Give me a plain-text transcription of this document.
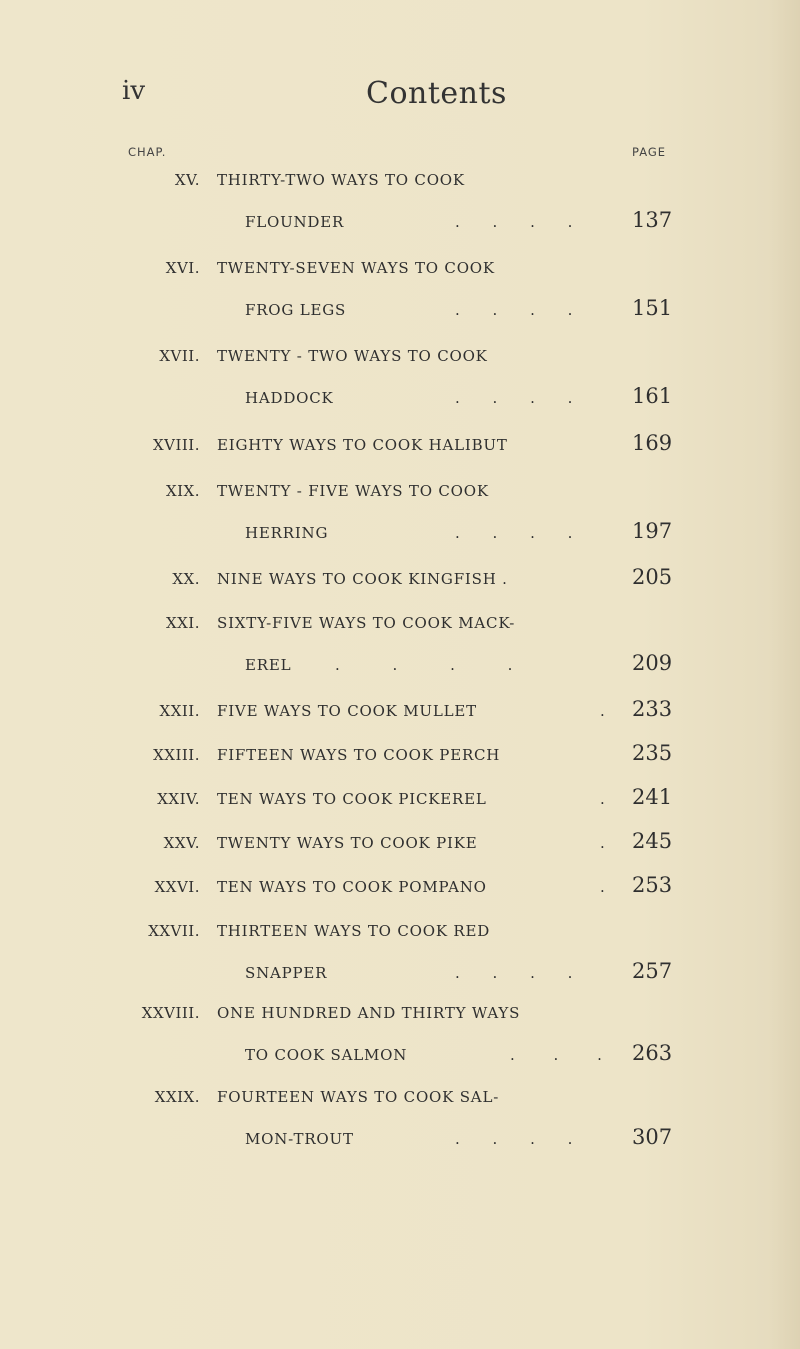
iv	Contents
CHAP.	PAGE
XV. THIRTY-TWO WAYS TO COOK
FLOUNDER	. . . .	137
XVI. TWENTY-SEVEN WAYS TO COOK
FROG LEGS	. . . .	151
XVII. TWENTY - TWO WAYS TO COOK
HADDOCK	. . . .	161
XVIII. EIGHTY WAYS TO COOK HALIBUT	169
XIX. TWENTY - FIVE WAYS TO COOK
HERRING	. . . .	197
XX. NINE WAYS TO COOK KINGFISH .	205
XXI. SIXTY-FIVE WAYS TO COOK MACK-
EREL	. . . .	209
XXII. FIVE WAYS TO COOK MULLET	. 233
XXIII. FIFTEEN WAYS TO COOK PERCH	235
XXIV. TEN WAYS TO COOK PICKEREL	. 241
XXV. TWENTY WAYS TO COOK PIKE	. 245
XXVI. TEN WAYS TO COOK POMPANO	. 253
XXVII. THIRTEEN WAYS TO COOK RED
SNAPPER	. . . .	257
XXVIII. ONE HUNDRED AND THIRTY WAYS
TO COOK SALMON	. . . 263
XXIX. FOURTEEN WAYS TO COOK SAL-
MON-TROUT	. . . .	307
